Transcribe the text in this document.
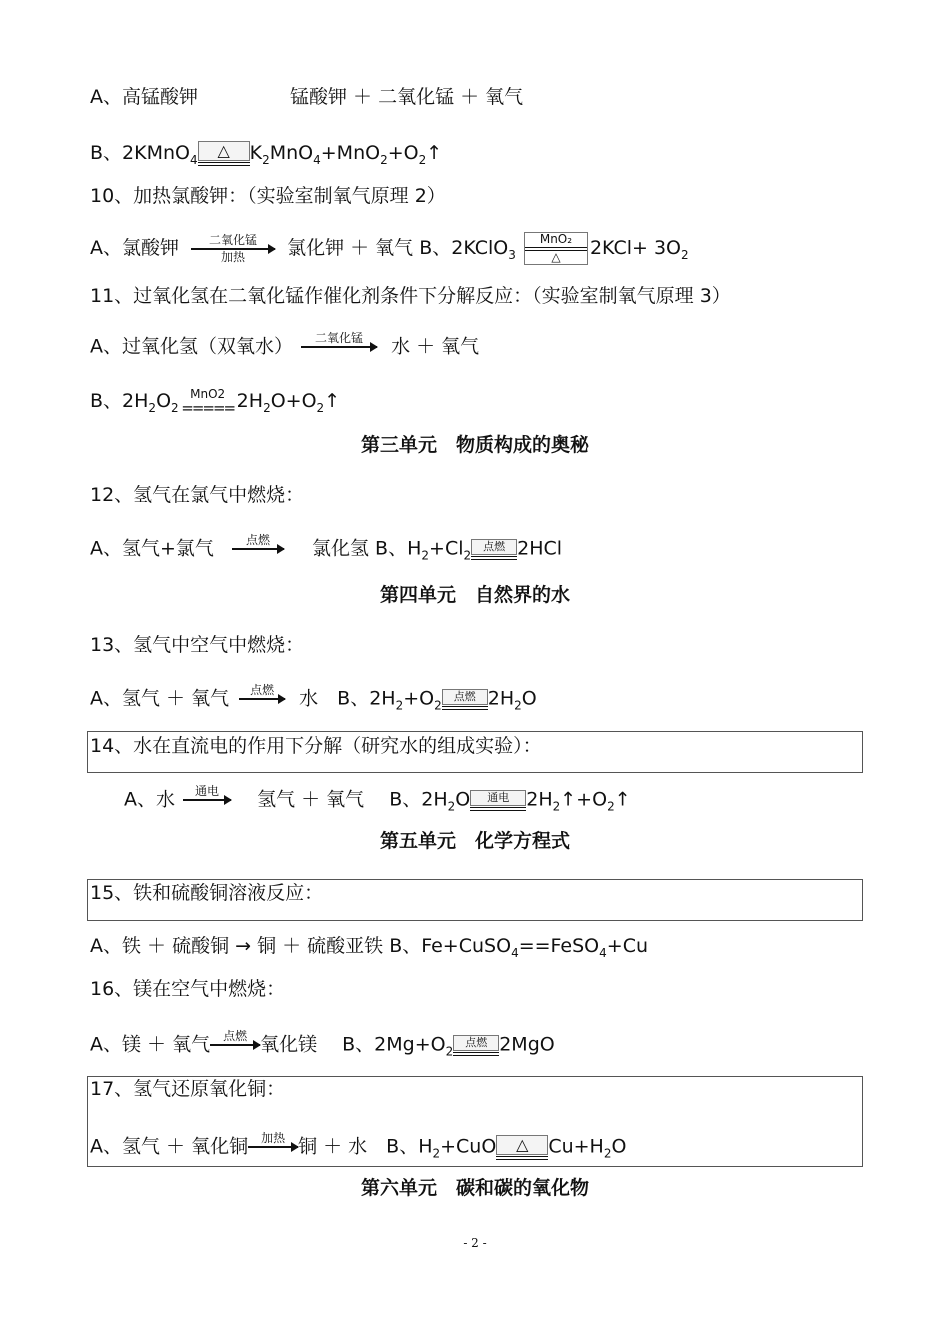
A、高锰酸钾	锰酸钾 ＋ 二氧化锰 ＋ 氧气
B、2KMnO$_4$	△	$K_2MnO_4+MnO_2+O_2↑$
10、加热氯酸钾：（实验室制氧气原理 2）
A、氯酸钾	二氧化锰
加热	氯化钾 ＋ 氧气 B、2KClO$_3$
MnO₂
△	$2KCl+ 3O_2$
11、过氧化氢在二氧化锰作催化剂条件下分解反应：（实验室制氧气原理 3）
A、过氧化氢（双氧水）	二氧化锰
	水 ＋ 氧气
B、$2H_2O_2$
MnO2
===== $2H_2O+O_2↑$
第三单元　物质构成的奥秘
12、氢气在氯气中燃烧：
A、氢气+氯气	点燃
	氯化氢 B、$H_2+Cl_2$
点燃 2HCl
第四单元　自然界的水
13、氢气中空气中燃烧：
A、氢气 ＋ 氧气	点燃
	水　B、$2H_2+O_2$
点燃 $2H_2O$
14、水在直流电的作用下分解（研究水的组成实验）：
A、水	通电
	氢气 ＋ 氧气　 B、$2H_2O$	通电 $2H_2↑+O_2↑$
第五单元　化学方程式
15、铁和硫酸铜溶液反应：
A、铁 ＋ 硫酸铜 → 铜 ＋ 硫酸亚铁 B、Fe+CuSO$_4$==FeSO$_4$+Cu
16、镁在空气中燃烧：
A、镁 ＋ 氧气	点燃
氧化镁　 B、$2Mg+O_2$
点燃 2MgO
17、氢气还原氧化铜：
A、氢气 ＋ 氧化铜	加热
铜 ＋ 水　B、$H_2+CuO$	△	$Cu+H_2O$
第六单元　碳和碳的氧化物
- 2 -
